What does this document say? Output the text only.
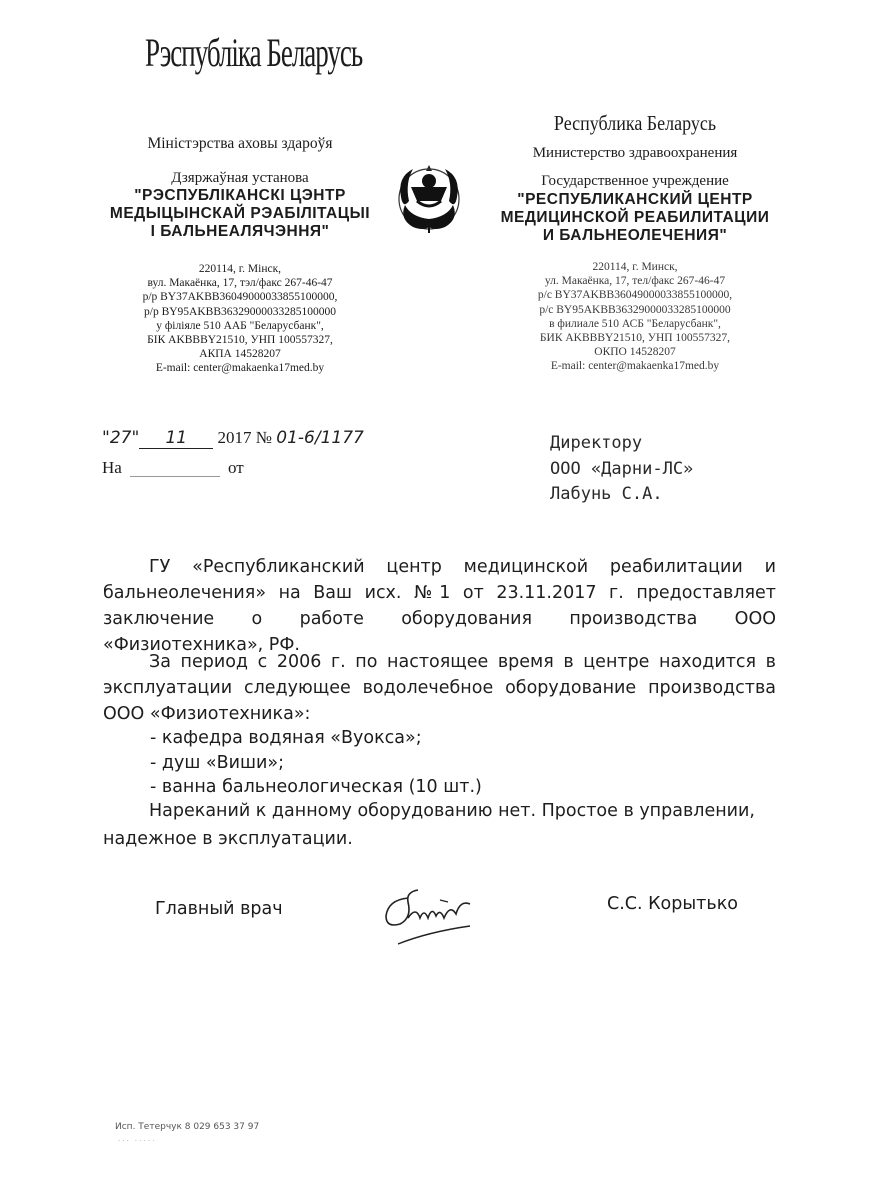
Рэспубліка Беларусь
Міністэрства аховы здароўя
Дзяржаўная установа
"РЭСПУБЛІКАНСКІ ЦЭНТР
МЕДЫЦЫНСКАЙ РЭАБІЛІТАЦЫІ
І БАЛЬНЕАЛЯЧЭННЯ"
220114, г. Мінск,
вул. Макаёнка, 17, тэл/факс 267-46-47
р/р BY37AKBB36049000033855100000,
р/р BY95AKBB36329000033285100000
у філіяле 510 ААБ "Беларусбанк",
БІК AKBBBY21510, УНП 100557327,
АКПА 14528207
E-mail: center@makaenka17med.by
Республика Беларусь
Министерство здравоохранения
Государственное учреждение
"РЕСПУБЛИКАНСКИЙ ЦЕНТР
МЕДИЦИНСКОЙ РЕАБИЛИТАЦИИ
И БАЛЬНЕОЛЕЧЕНИЯ"
220114, г. Минск,
ул. Макаёнка, 17, тел/факс 267-46-47
р/с BY37AKBB36049000033855100000,
р/с BY95AKBB36329000033285100000
в филиале 510 АСБ "Беларусбанк",
БИК AKBBBY21510, УНП 100557327,
ОКПО 14528207
E-mail: center@makaenka17med.by
"27" 11 2017 № 01-6/1177
На	от
Директору
ООО «Дарни-ЛС»
Лабунь С.А.
ГУ «Республиканский центр медицинской реабилитации и бальнеолечения» на Ваш исх. №1 от 23.11.2017 г. предоставляет заключение о работе оборудования производства ООО «Физиотехника», РФ.
За период с 2006 г. по настоящее время в центре находится в эксплуатации следующее водолечебное оборудование производства ООО «Физиотехника»:
- кафедра водяная «Вуокса»;
- душ «Виши»;
- ванна бальнеологическая (10 шт.)
Нареканий к данному оборудованию нет. Простое в управлении, надежное в эксплуатации.
Главный врач	С.С. Корытько
Исп. Тетерчук 8 029 653 37 97
··· ·····
